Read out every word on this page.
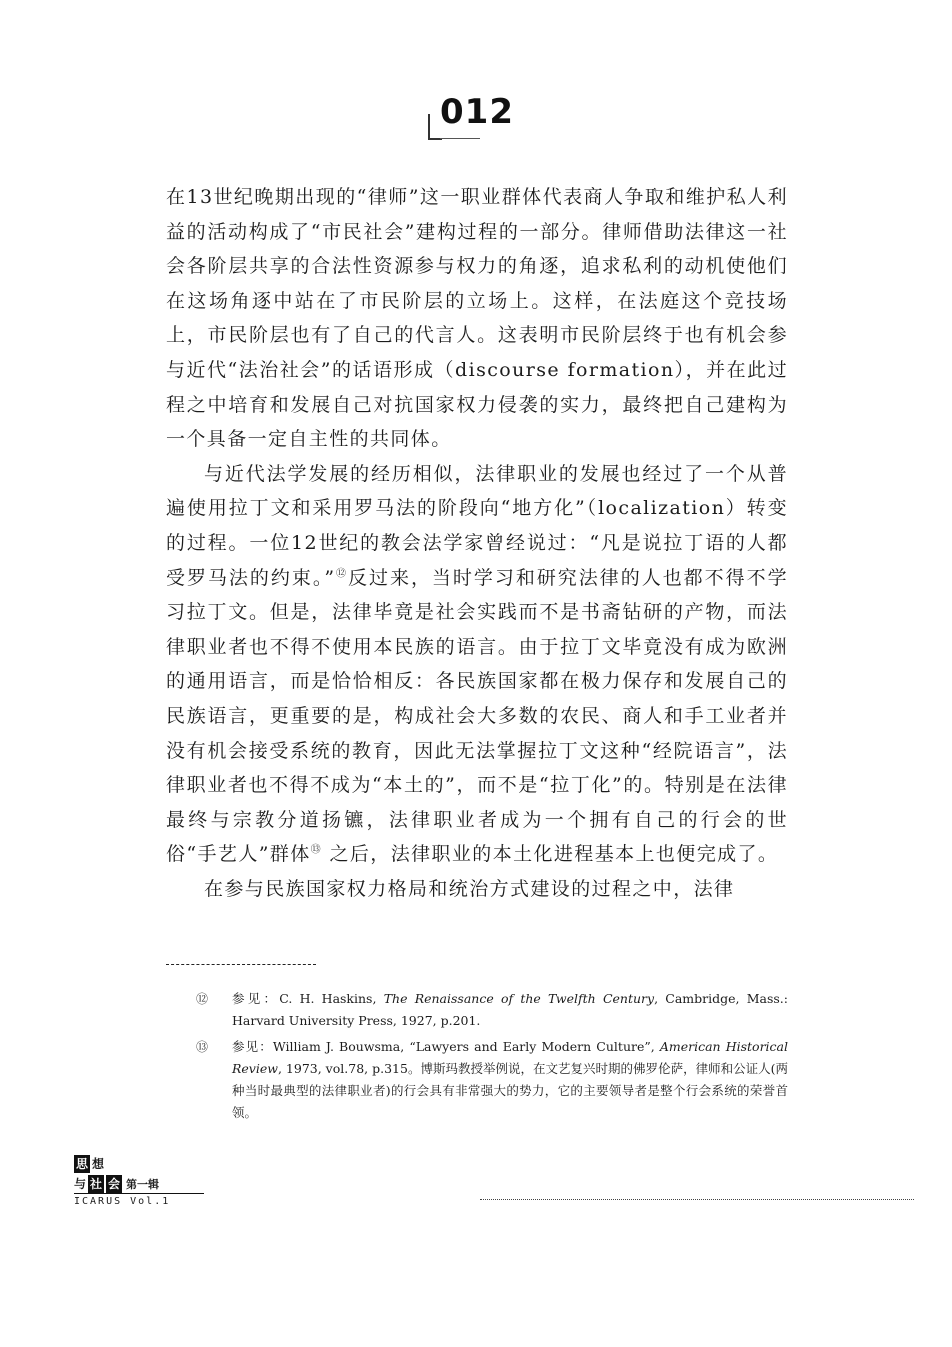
012

在13世纪晚期出现的“律师”这一职业群体代表商人争取和维护私人利益的活动构成了“市民社会”建构过程的一部分。律师借助法律这一社会各阶层共享的合法性资源参与权力的角逐，追求私利的动机使他们在这场角逐中站在了市民阶层的立场上。这样，在法庭这个竞技场上，市民阶层也有了自己的代言人。这表明市民阶层终于也有机会参与近代“法治社会”的话语形成（discourse formation），并在此过程之中培育和发展自己对抗国家权力侵袭的实力，最终把自己建构为一个具备一定自主性的共同体。

与近代法学发展的经历相似，法律职业的发展也经过了一个从普遍使用拉丁文和采用罗马法的阶段向“地方化”（localization）转变的过程。一位12世纪的教会法学家曾经说过：“凡是说拉丁语的人都受罗马法的约束。”⑫反过来，当时学习和研究法律的人也都不得不学习拉丁文。但是，法律毕竟是社会实践而不是书斋钻研的产物，而法律职业者也不得不使用本民族的语言。由于拉丁文毕竟没有成为欧洲的通用语言，而是恰恰相反：各民族国家都在极力保存和发展自己的民族语言，更重要的是，构成社会大多数的农民、商人和手工业者并没有机会接受系统的教育，因此无法掌握拉丁文这种“经院语言”，法律职业者也不得不成为“本土的”，而不是“拉丁化”的。特别是在法律最终与宗教分道扬镳，法律职业者成为一个拥有自己的行会的世俗“手艺人”群体⑬ 之后，法律职业的本土化进程基本上也便完成了。

在参与民族国家权力格局和统治方式建设的过程之中，法律

⑫ 参见：C. H. Haskins, The Renaissance of the Twelfth Century, Cambridge, Mass.: Harvard University Press, 1927, p.201.
⑬ 参见：William J. Bouwsma, “Lawyers and Early Modern Culture”, American Historical Review, 1973, vol.78, p.315。博斯玛教授举例说，在文艺复兴时期的佛罗伦萨，律师和公证人(两种当时最典型的法律职业者)的行会具有非常强大的势力，它的主要领导者是整个行会系统的荣誉首领。
思 想
与 社 会 第一辑
ICARUS Vol.1
